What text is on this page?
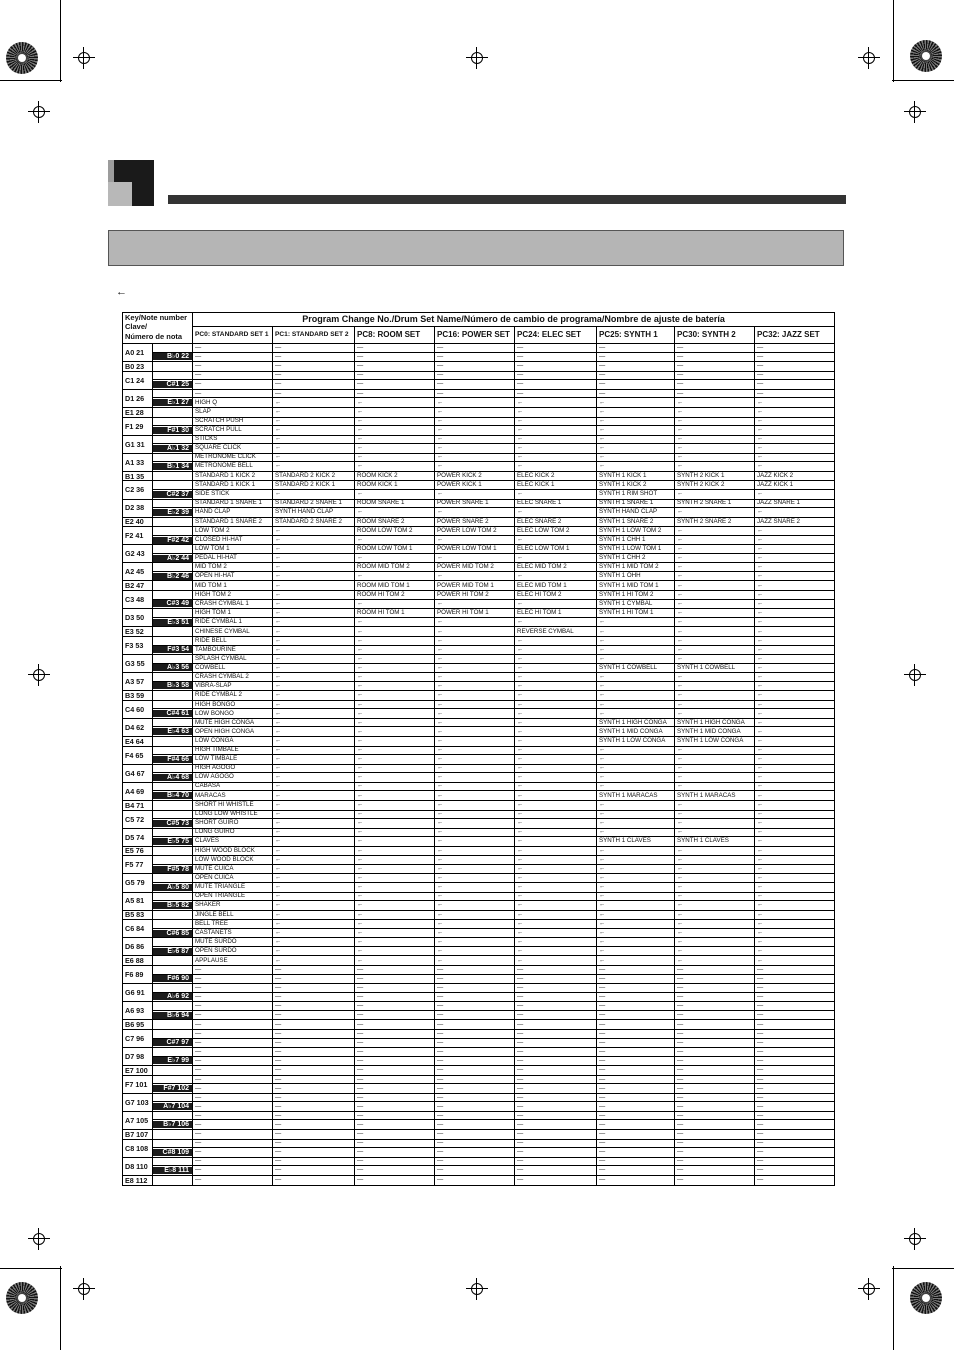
←
Key/Note number
Clave/
Número de nota		Program Change No./Drum Set Name/Número de cambio de programa/Nombre de ajuste de batería							
		PC0: STANDARD SET 1	PC1: STANDARD SET 2	PC8: ROOM SET	PC16: POWER SET	PC24: ELEC SET	PC25: SYNTH 1	PC30: SYNTH 2	PC32: JAZZ SET
A0 21		—	—	—	—	—	—	—	—

	B♭0 22	—	—	—	—	—	—	—	—
B0 23		—	—	—	—	—	—	—	—
C1 24		—	—	—	—	—	—	—	—

	C#1 25	—	—	—	—	—	—	—	—
D1 26		—	—	—	—	—	—	—	—

	E♭1 27	HIGH Q	←	←	←	←	←	←	←
E1 28		SLAP	←	←	←	←	←	←	←
F1 29		SCRATCH PUSH	←	←	←	←	←	←	←

	F#1 30	SCRATCH PULL	←	←	←	←	←	←	←
G1 31		STICKS	←	←	←	←	←	←	←

	A♭1 32	SQUARE CLICK	←	←	←	←	←	←	←
A1 33		METRONOME CLICK	←	←	←	←	←	←	←

	B♭1 34	METRONOME BELL	←	←	←	←	←	←	←
B1 35		STANDARD 1 KICK 2	STANDARD 2 KICK 2	ROOM KICK 2	POWER KICK 2	ELEC KICK 2	SYNTH 1 KICK 1	SYNTH 2 KICK 1	JAZZ KICK 2
C2 36		STANDARD 1 KICK 1	STANDARD 2 KICK 1	ROOM KICK 1	POWER KICK 1	ELEC KICK 1	SYNTH 1 KICK 2	SYNTH 2 KICK 2	JAZZ KICK 1

	C#2 37	SIDE STICK	←	←	←	←	SYNTH 1 RIM SHOT	←	←
D2 38		STANDARD 1 SNARE 1	STANDARD 2 SNARE 1	ROOM SNARE 1	POWER SNARE 1	ELEC SNARE 1	SYNTH 1 SNARE 1	SYNTH 2 SNARE 1	JAZZ SNARE 1

	E♭2 39	HAND CLAP	SYNTH HAND CLAP	←	←	←	SYNTH HAND CLAP	←	←
E2 40		STANDARD 1 SNARE 2	STANDARD 2 SNARE 2	ROOM SNARE 2	POWER SNARE 2	ELEC SNARE 2	SYNTH 1 SNARE 2	SYNTH 2 SNARE 2	JAZZ SNARE 2
F2 41		LOW TOM 2	←	ROOM LOW TOM 2	POWER LOW TOM 2	ELEC LOW TOM 2	SYNTH 1 LOW TOM 2	←	←

	F#2 42	CLOSED HI-HAT	←	←	←	←	SYNTH 1 CHH 1	←	←
G2 43		LOW TOM 1	←	ROOM LOW TOM 1	POWER LOW TOM 1	ELEC LOW TOM 1	SYNTH 1 LOW TOM 1	←	←

	A♭2 44	PEDAL HI-HAT	←	←	←	←	SYNTH 1 CHH 2	←	←
A2 45		MID TOM 2	←	ROOM MID TOM 2	POWER MID TOM 2	ELEC MID TOM 2	SYNTH 1 MID TOM 2	←	←

	B♭2 46	OPEN HI-HAT	←	←	←	←	SYNTH 1 OHH	←	←
B2 47		MID TOM 1	←	ROOM MID TOM 1	POWER MID TOM 1	ELEC MID TOM 1	SYNTH 1 MID TOM 1	←	←
C3 48		HIGH TOM 2	←	ROOM HI TOM 2	POWER HI TOM 2	ELEC HI TOM 2	SYNTH 1 HI TOM 2	←	←

	C#3 49	CRASH CYMBAL 1	←	←	←	←	SYNTH 1 CYMBAL	←	←
D3 50		HIGH TOM 1	←	ROOM HI TOM 1	POWER HI TOM 1	ELEC HI TOM 1	SYNTH 1 HI TOM 1	←	←

	E♭3 51	RIDE CYMBAL 1	←	←	←	←	←	←	←
E3 52		CHINESE CYMBAL	←	←	←	REVERSE CYMBAL	←	←	←
F3 53		RIDE BELL	←	←	←	←	←	←	←

	F#3 54	TAMBOURINE	←	←	←	←	←	←	←
G3 55		SPLASH CYMBAL	←	←	←	←	←	←	←

	A♭3 56	COWBELL	←	←	←	←	SYNTH 1 COWBELL	SYNTH 1 COWBELL	←
A3 57		CRASH CYMBAL 2	←	←	←	←	←	←	←

	B♭3 58	VIBRA-SLAP	←	←	←	←	←	←	←
B3 59		RIDE CYMBAL 2	←	←	←	←	←	←	←
C4 60		HIGH BONGO	←	←	←	←	←	←	←

	C#4 61	LOW BONGO	←	←	←	←	←	←	←
D4 62		MUTE HIGH CONGA	←	←	←	←	SYNTH 1 HIGH CONGA	SYNTH 1 HIGH CONGA	←

	E♭4 63	OPEN HIGH CONGA	←	←	←	←	SYNTH 1 MID CONGA	SYNTH 1 MID CONGA	←
E4 64		LOW CONGA	←	←	←	←	SYNTH 1 LOW CONGA	SYNTH 1 LOW CONGA	←
F4 65		HIGH TIMBALE	←	←	←	←	←	←	←

	F#4 66	LOW TIMBALE	←	←	←	←	←	←	←
G4 67		HIGH AGOGO	←	←	←	←	←	←	←

	A♭4 68	LOW AGOGO	←	←	←	←	←	←	←
A4 69		CABASA	←	←	←	←	←	←	←

	B♭4 70	MARACAS	←	←	←	←	SYNTH 1 MARACAS	SYNTH 1 MARACAS	←
B4 71		SHORT HI WHISTLE	←	←	←	←	←	←	←
C5 72		LONG LOW WHISTLE	←	←	←	←	←	←	←

	C#5 73	SHORT GUIRO	←	←	←	←	←	←	←
D5 74		LONG GUIRO	←	←	←	←	←	←	←

	E♭5 75	CLAVES	←	←	←	←	SYNTH 1 CLAVES	SYNTH 1 CLAVES	←
E5 76		HIGH WOOD BLOCK	←	←	←	←	←	←	←
F5 77		LOW WOOD BLOCK	←	←	←	←	←	←	←

	F#5 78	MUTE CUICA	←	←	←	←	←	←	←
G5 79		OPEN CUICA	←	←	←	←	←	←	←

	A♭5 80	MUTE TRIANGLE	←	←	←	←	←	←	←
A5 81		OPEN TRIANGLE	←	←	←	←	←	←	←

	B♭5 82	SHAKER	←	←	←	←	←	←	←
B5 83		JINGLE BELL	←	←	←	←	←	←	←
C6 84		BELL TREE	←	←	←	←	←	←	←

	C#6 85	CASTANETS	←	←	←	←	←	←	←
D6 86		MUTE SURDO	←	←	←	←	←	←	←

	E♭6 87	OPEN SURDO	←	←	←	←	←	←	←
E6 88		APPLAUSE	←	←	←	←	←	←	←
F6 89		—	—	—	—	—	—	—	—

	F#6 90	—	—	—	—	—	—	—	—
G6 91		—	—	—	—	—	—	—	—

	A♭6 92	—	—	—	—	—	—	—	—
A6 93		—	—	—	—	—	—	—	—

	B♭6 94	—	—	—	—	—	—	—	—
B6 95		—	—	—	—	—	—	—	—
C7 96		—	—	—	—	—	—	—	—

	C#7 97	—	—	—	—	—	—	—	—
D7 98		—	—	—	—	—	—	—	—

	E♭7 99	—	—	—	—	—	—	—	—
E7 100		—	—	—	—	—	—	—	—
F7 101		—	—	—	—	—	—	—	—

	F#7 102	—	—	—	—	—	—	—	—
G7 103		—	—	—	—	—	—	—	—

	A♭7 104	—	—	—	—	—	—	—	—
A7 105		—	—	—	—	—	—	—	—

	B♭7 106	—	—	—	—	—	—	—	—
B7 107		—	—	—	—	—	—	—	—
C8 108		—	—	—	—	—	—	—	—

	C#8 109	—	—	—	—	—	—	—	—
D8 110		—	—	—	—	—	—	—	—

	E♭8 111	—	—	—	—	—	—	—	—
E8 112		—	—	—	—	—	—	—	—
